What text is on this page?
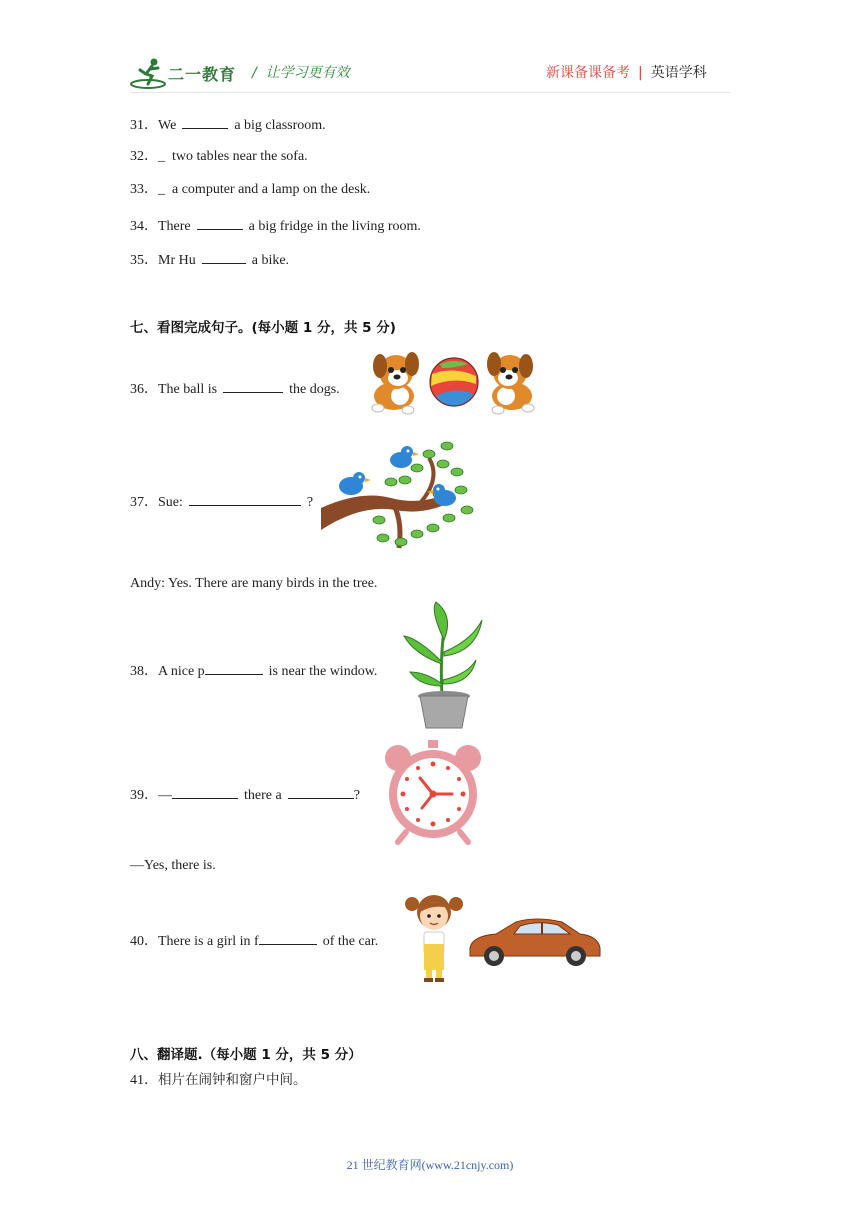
二一教育 / 让学习更有效	新课备课备考 | 英语学科
31．We	a big classroom.
32．_ two tables near the sofa.
33．_ a computer and a lamp on the desk.
34．There	a big fridge in the living room.
35．Mr Hu	a bike.
七、看图完成句子。(每小题 1 分，共 5 分)
36．The ball is	the dogs.
37．Sue:	?
Andy: Yes. There are many birds in the tree.
38．A nice p	is near the window.
39．—	there a	?
—Yes, there is.
40．There is a girl in f	of the car.
八、翻译题.（每小题 1 分，共 5 分）
41．相片在闹钟和窗户中间。
21 世纪教育网(www.21cnjy.com)
